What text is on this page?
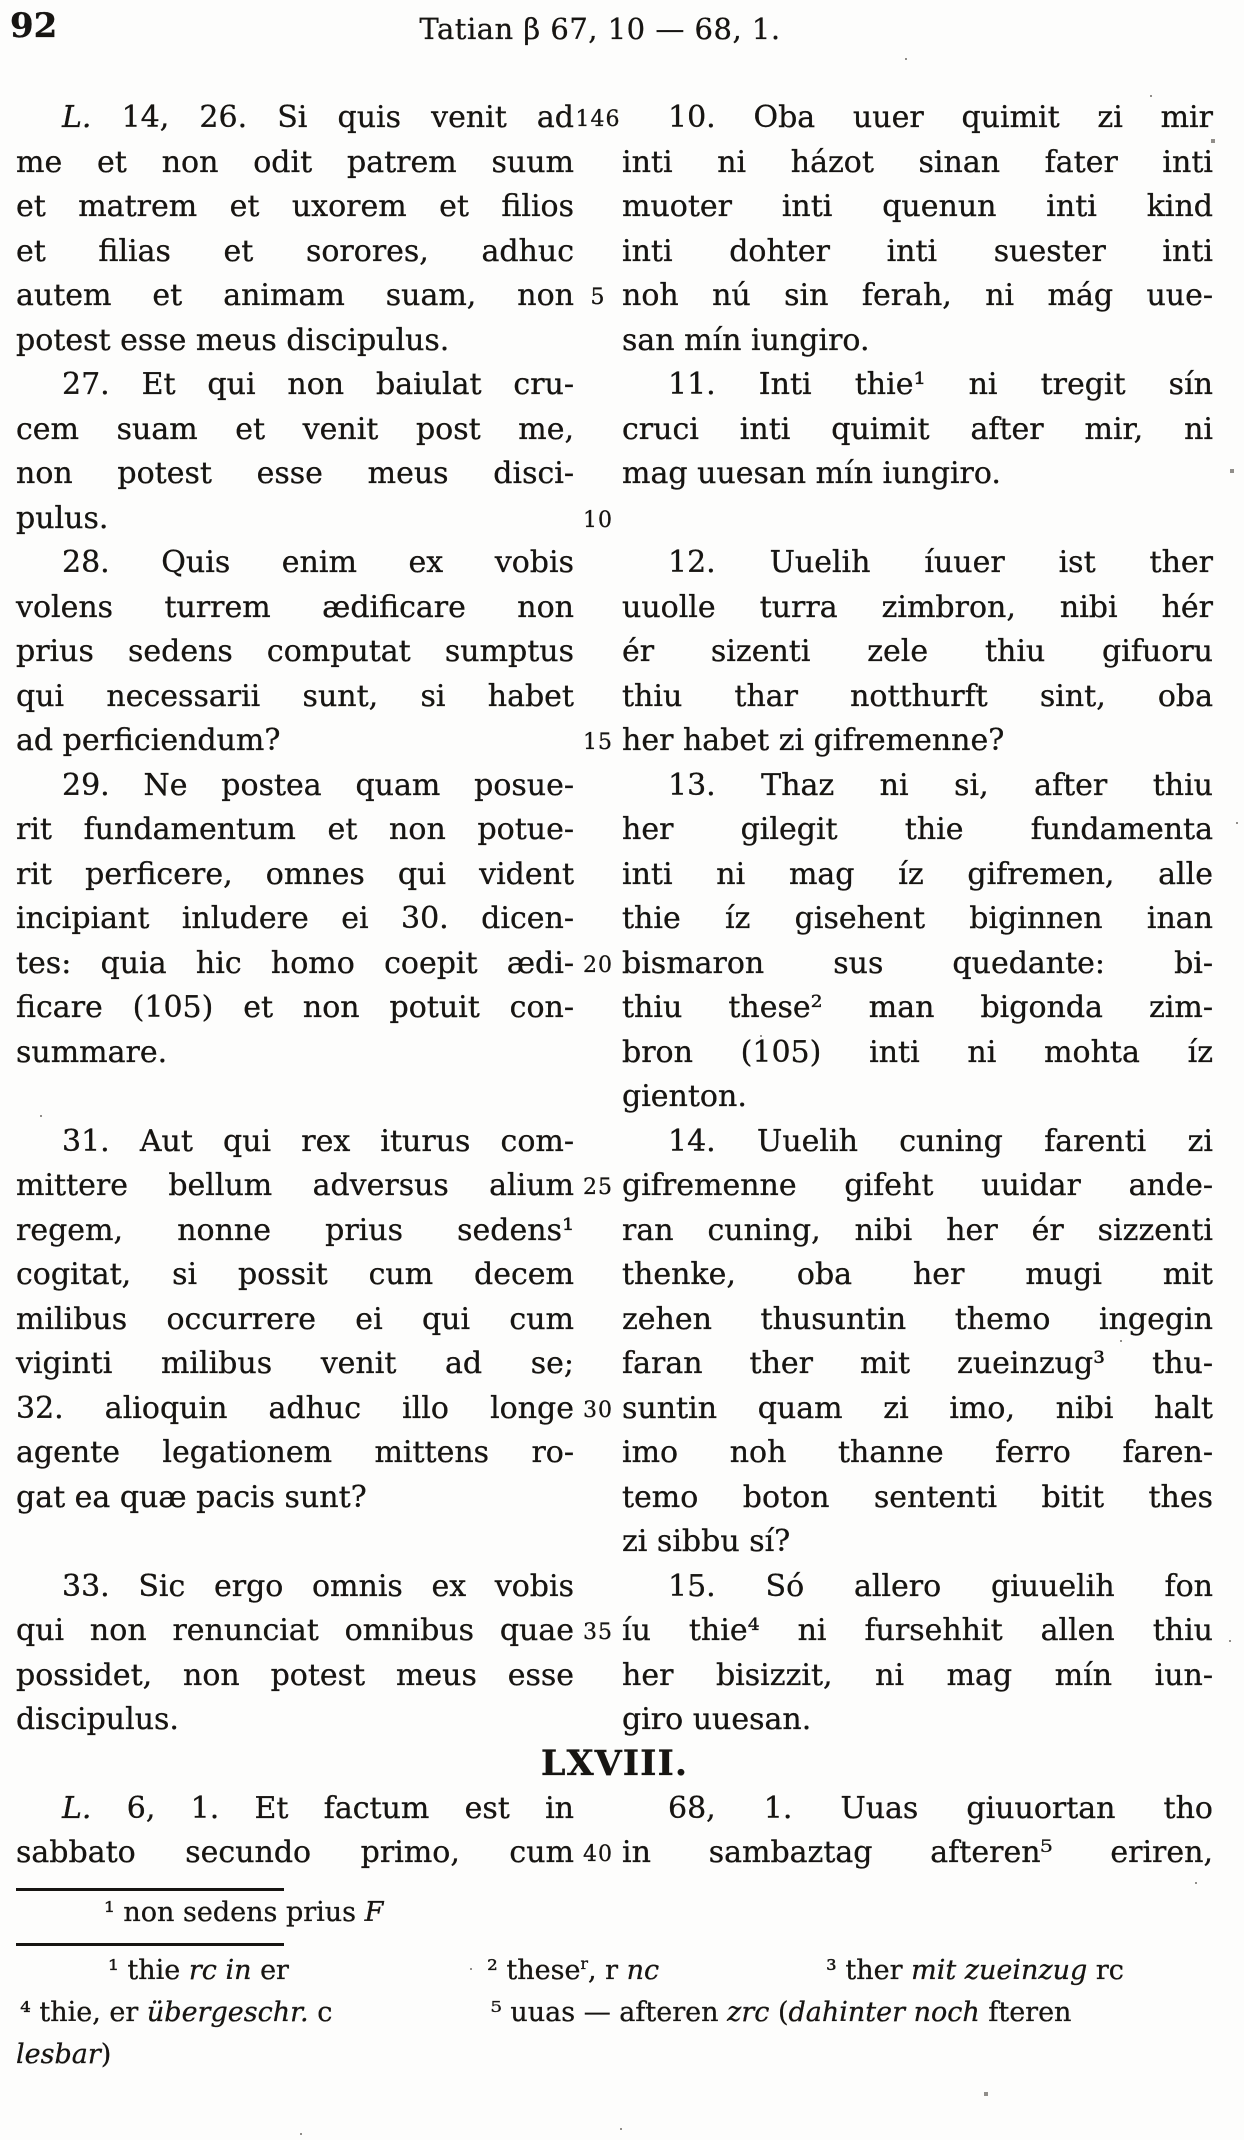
92	Tatian β 67, 10 — 68, 1.
L. 14, 26. Si quis venit ad 146	10. Oba uuer quimit zi mir
me et non odit patrem suum inti ni házot sinan fater inti
et matrem et uxorem et filios muoter inti quenun inti kind
et filias et sorores, adhuc inti dohter inti suester inti
autem et animam suam, non 5 noh nú sin ferah, ni mág uue-
potest esse meus discipulus.	san mín iungiro.
27. Et qui non baiulat cru-	11. Inti thie¹ ni tregit sín
cem suam et venit post me, cruci inti quimit after mir, ni
non potest esse meus disci- mag uuesan mín iungiro.
pulus.	10
28. Quis enim ex vobis	12. Uuelih íuuer ist ther
volens turrem ædificare non uuolle turra zimbron, nibi hér
prius sedens computat sumptus ér sizenti zele thiu gifuoru
qui necessarii sunt, si habet thiu thar notthurft sint, oba
ad perficiendum?	15 her habet zi gifremenne?
29. Ne postea quam posue-	13. Thaz ni si, after thiu
rit fundamentum et non potue- her gilegit thie fundamenta
rit perficere, omnes qui vident inti ni mag íz gifremen, alle
incipiant inludere ei 30. dicen- thie íz gisehent biginnen inan
tes: quia hic homo coepit ædi- 20 bismaron sus quedante: bi-
ficare (105) et non potuit con- thiu these² man bigonda zim-
summare.	bron (105) inti ni mohta íz
gienton.
31. Aut qui rex iturus com-	14. Uuelih cuning farenti zi
mittere bellum adversus alium 25 gifremenne gifeht uuidar ande-
regem, nonne prius sedens¹ ran cuning, nibi her ér sizzenti
cogitat, si possit cum decem thenke, oba her mugi mit
milibus occurrere ei qui cum zehen thusuntin themo ingegin
viginti milibus venit ad se; faran ther mit zueinzug³ thu-
32. alioquin adhuc illo longe 30 suntin quam zi imo, nibi halt
agente legationem mittens ro- imo noh thanne ferro faren-
gat ea quæ pacis sunt?	temo boton sententi bitit thes
zi sibbu sí?
33. Sic ergo omnis ex vobis	15. Só allero giuuelih fon
qui non renunciat omnibus quae 35 íu thie⁴ ni fursehhit allen thiu
possidet, non potest meus esse her bisizzit, ni mag mín iun-
discipulus.	giro uuesan.
LXVIII.
L. 6, 1. Et factum est in	68, 1. Uuas giuuortan tho
sabbato secundo primo, cum 40 in sambaztag afteren⁵ eriren,
¹ non sedens prius F
¹ thie rc in er	² these$^r$, r nc	³ ther mit zueinzug rc
⁴ thie, er übergeschr. c	⁵ uuas — afteren zrc (dahinter noch fteren
lesbar)
